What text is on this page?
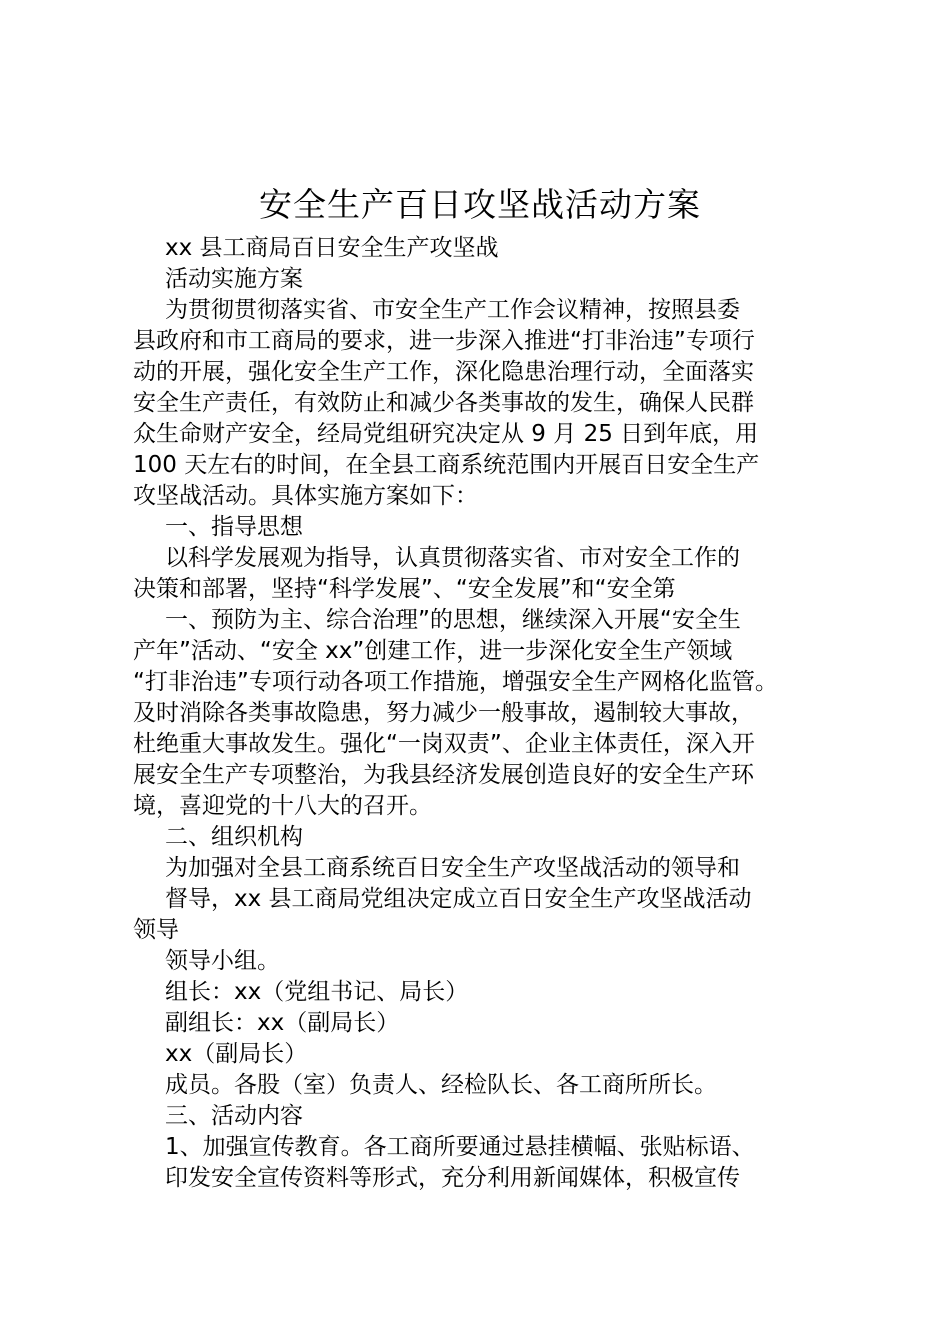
安全生产百日攻坚战活动方案
xx 县工商局百日安全生产攻坚战
活动实施方案
为贯彻贯彻落实省、市安全生产工作会议精神，按照县委
县政府和市工商局的要求，进一步深入推进“打非治违”专项行
动的开展，强化安全生产工作，深化隐患治理行动，全面落实
安全生产责任，有效防止和减少各类事故的发生，确保人民群
众生命财产安全，经局党组研究决定从 9 月 25 日到年底，用
100 天左右的时间，在全县工商系统范围内开展百日安全生产
攻坚战活动。具体实施方案如下：
一、指导思想
以科学发展观为指导，认真贯彻落实省、市对安全工作的
决策和部署，坚持“科学发展”、“安全发展”和“安全第
一、预防为主、综合治理”的思想，继续深入开展“安全生
产年”活动、“安全 xx”创建工作，进一步深化安全生产领域
“打非治违”专项行动各项工作措施，增强安全生产网格化监管。
及时消除各类事故隐患，努力减少一般事故，遏制较大事故，
杜绝重大事故发生。强化“一岗双责”、企业主体责任，深入开
展安全生产专项整治，为我县经济发展创造良好的安全生产环
境，喜迎党的十八大的召开。
二、组织机构
为加强对全县工商系统百日安全生产攻坚战活动的领导和
督导，xx 县工商局党组决定成立百日安全生产攻坚战活动
领导
领导小组。
组长：xx（党组书记、局长）
副组长：xx（副局长）
xx（副局长）
成员。各股（室）负责人、经检队长、各工商所所长。
三、活动内容
1、加强宣传教育。各工商所要通过悬挂横幅、张贴标语、
印发安全宣传资料等形式，充分利用新闻媒体，积极宣传
